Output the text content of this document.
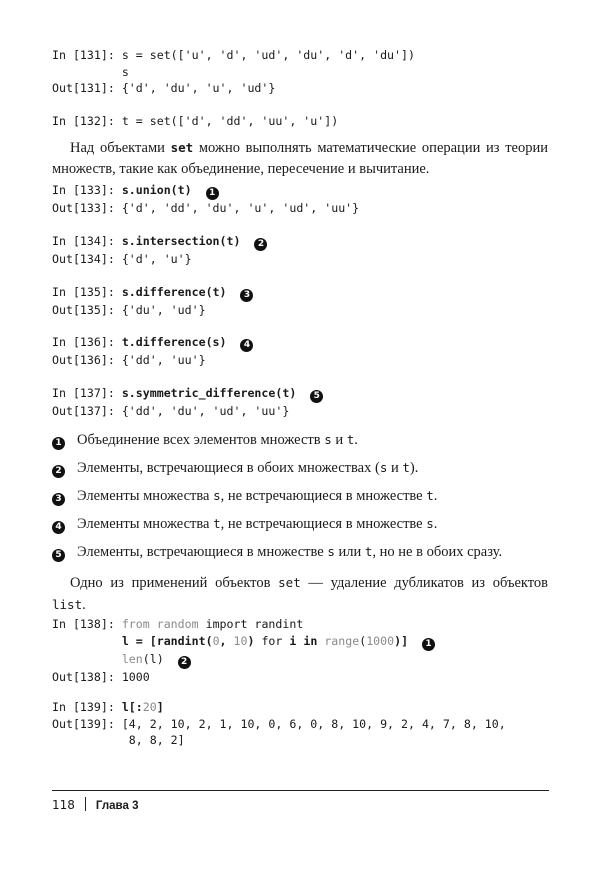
In [131]: s = set(['u', 'd', 'ud', 'du', 'd', 'du'])
s
Out[131]: {'d', 'du', 'u', 'ud'}
In [132]: t = set(['d', 'dd', 'uu', 'u'])
Над объектами set можно выполнять математические операции из теории множеств, такие как объединение, пересечение и вычитание.
In [133]: s.union(t) 1
Out[133]: {'d', 'dd', 'du', 'u', 'ud', 'uu'}
In [134]: s.intersection(t) 2
Out[134]: {'d', 'u'}
In [135]: s.difference(t) 3
Out[135]: {'du', 'ud'}
In [136]: t.difference(s) 4
Out[136]: {'dd', 'uu'}
In [137]: s.symmetric_difference(t) 5
Out[137]: {'dd', 'du', 'ud', 'uu'}
1 Объединение всех элементов множеств s и t.
2 Элементы, встречающиеся в обоих множествах (s и t).
3 Элементы множества s, не встречающиеся в множестве t.
4 Элементы множества t, не встречающиеся в множестве s.
5 Элементы, встречающиеся в множестве s или t, но не в обоих сразу.
Одно из применений объектов set — удаление дубликатов из объектов list.
In [138]: from random import randint
l = [randint(0, 10) for i in range(1000)] 1
len(l) 2
Out[138]: 1000
In [139]: l[:20]
Out[139]: [4, 2, 10, 2, 1, 10, 0, 6, 0, 8, 10, 9, 2, 4, 7, 8, 10,
8, 8, 2]
118 Глава 3
